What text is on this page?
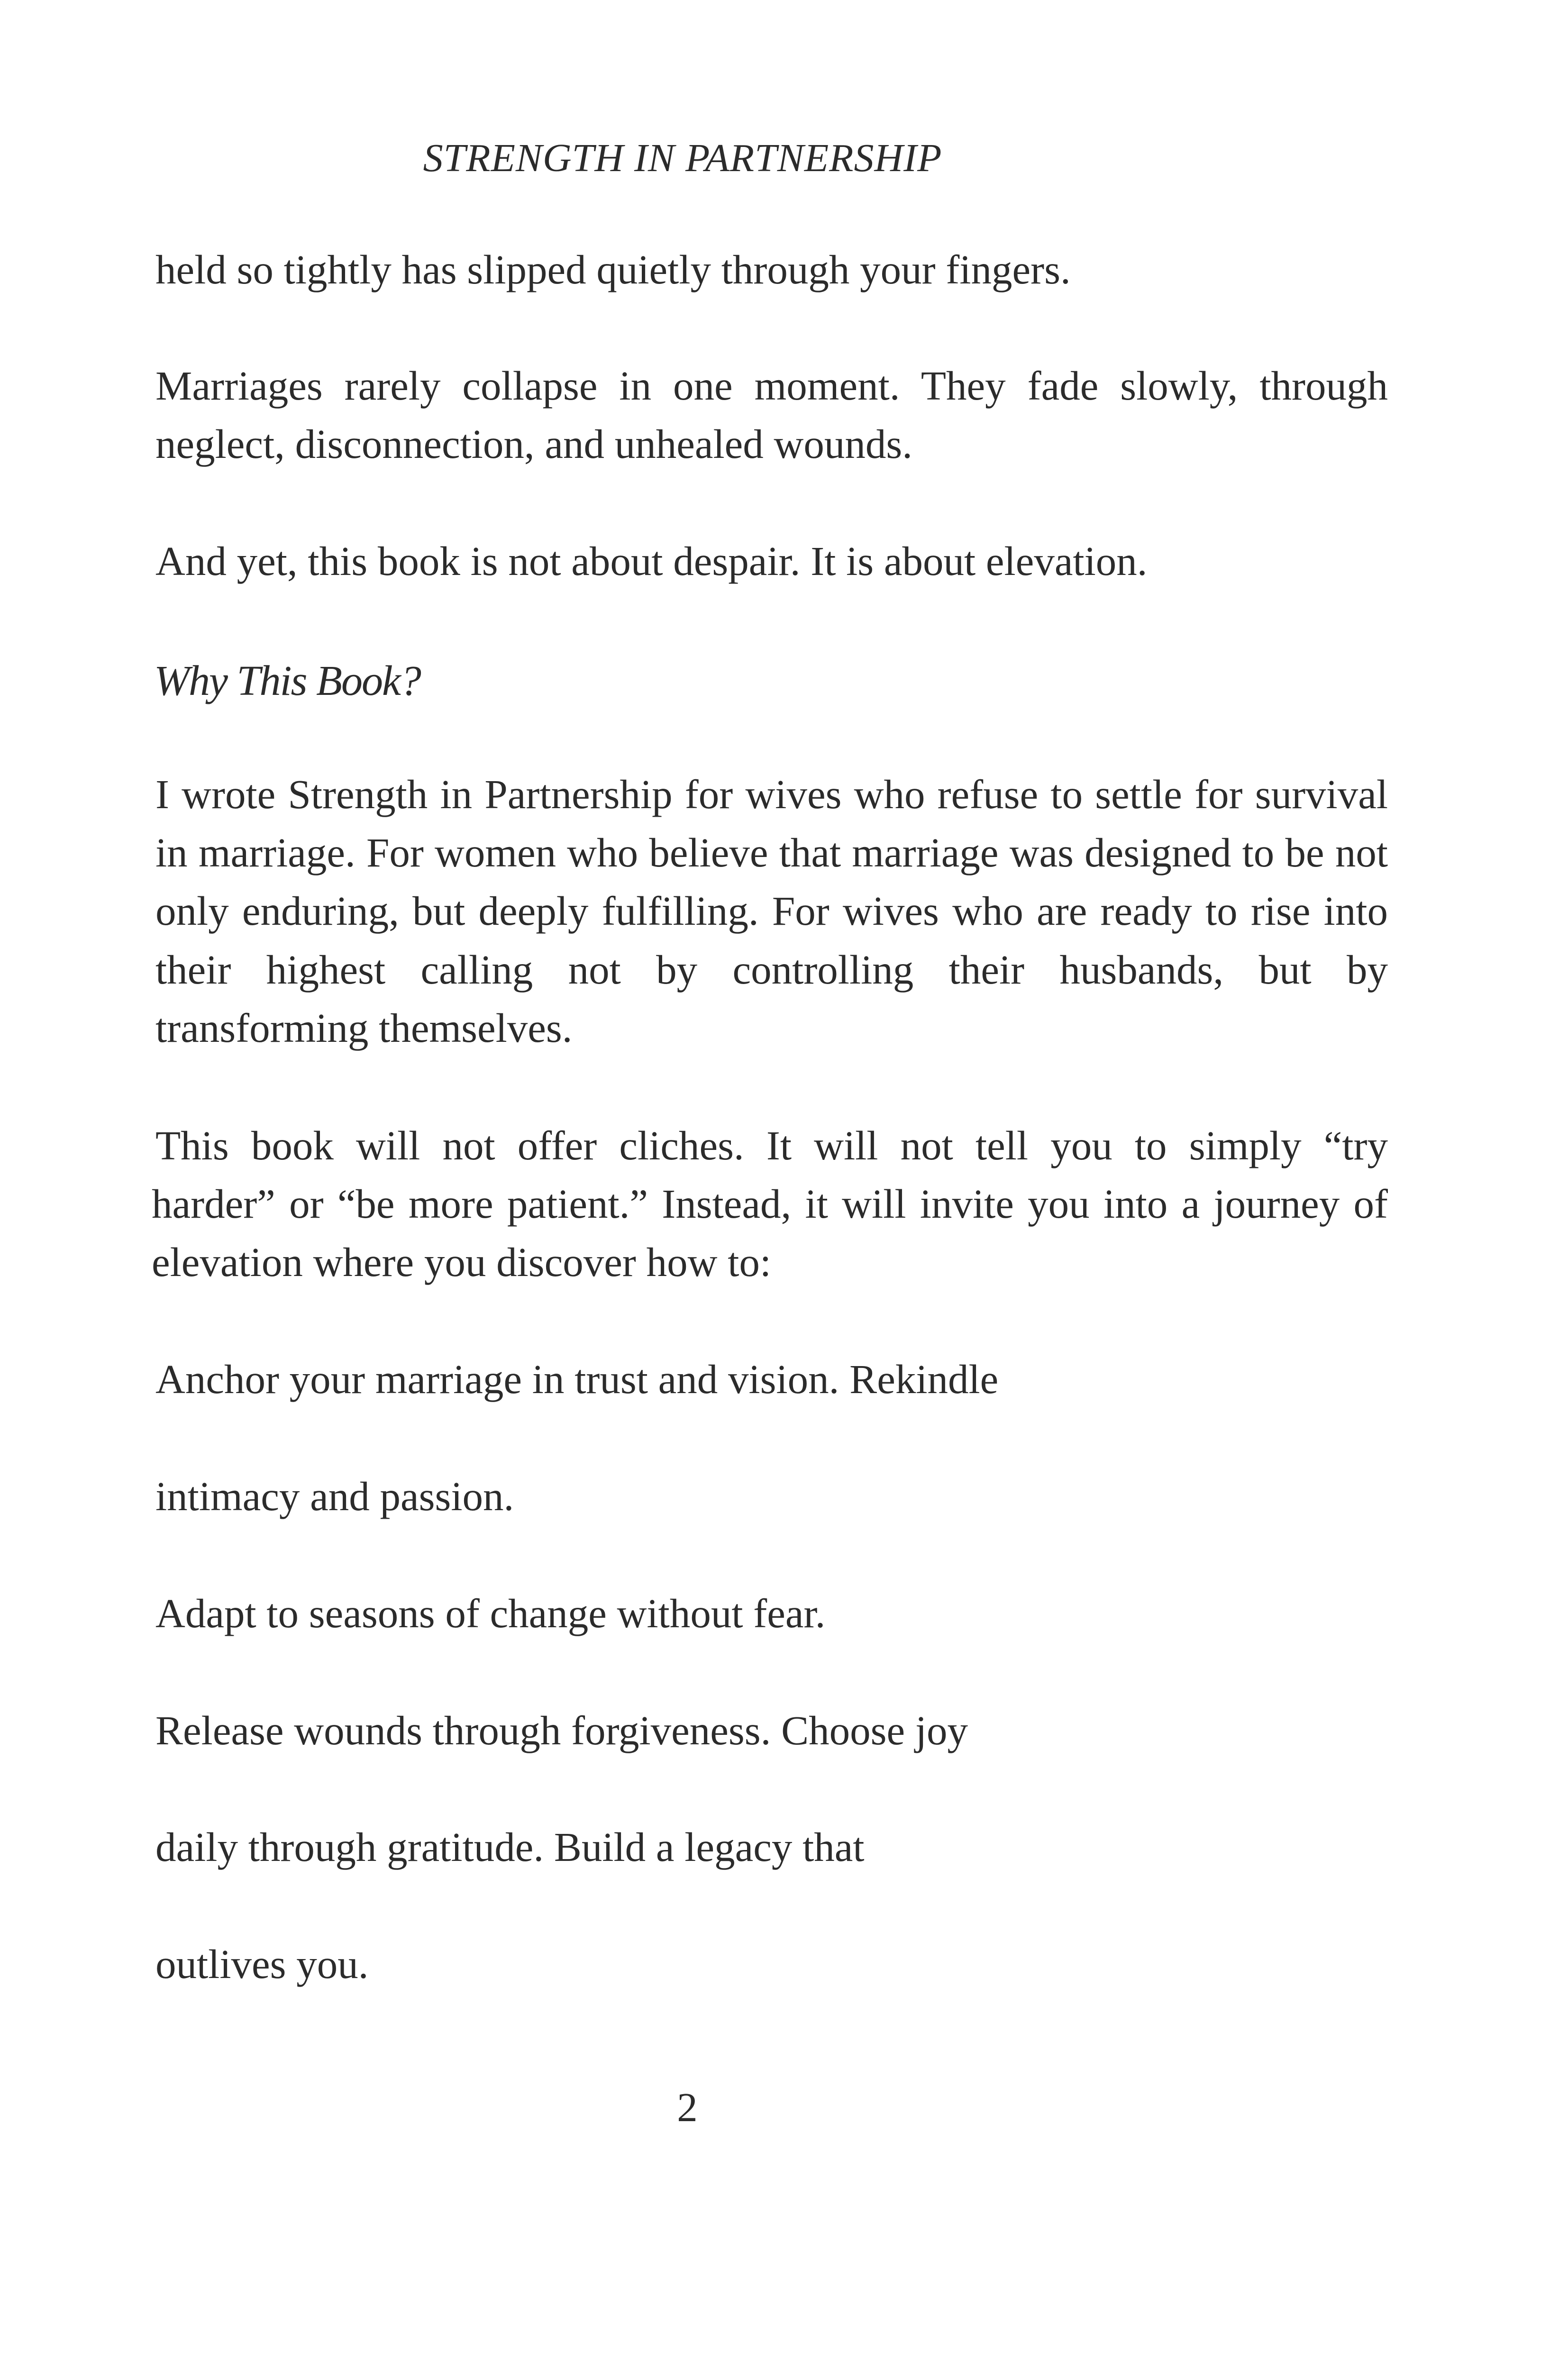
STRENGTH IN PARTNERSHIP
held so tightly has slipped quietly through your fingers.
Marriages rarely collapse in one moment. They fade slowly, through
neglect, disconnection, and unhealed wounds.
And yet, this book is not about despair. It is about elevation.
Why This Book?
I wrote Strength in Partnership for wives who refuse to settle for survival
in marriage. For women who believe that marriage was designed to be not
only enduring, but deeply fulfilling. For wives who are ready to rise into
their highest calling not by controlling their husbands, but by
transforming themselves.
This book will not offer cliches. It will not tell you to simply “try
harder” or “be more patient.” Instead, it will invite you into a journey of
elevation where you discover how to:
Anchor your marriage in trust and vision. Rekindle
intimacy and passion.
Adapt to seasons of change without fear.
Release wounds through forgiveness. Choose joy
daily through gratitude. Build a legacy that
outlives you.
2
